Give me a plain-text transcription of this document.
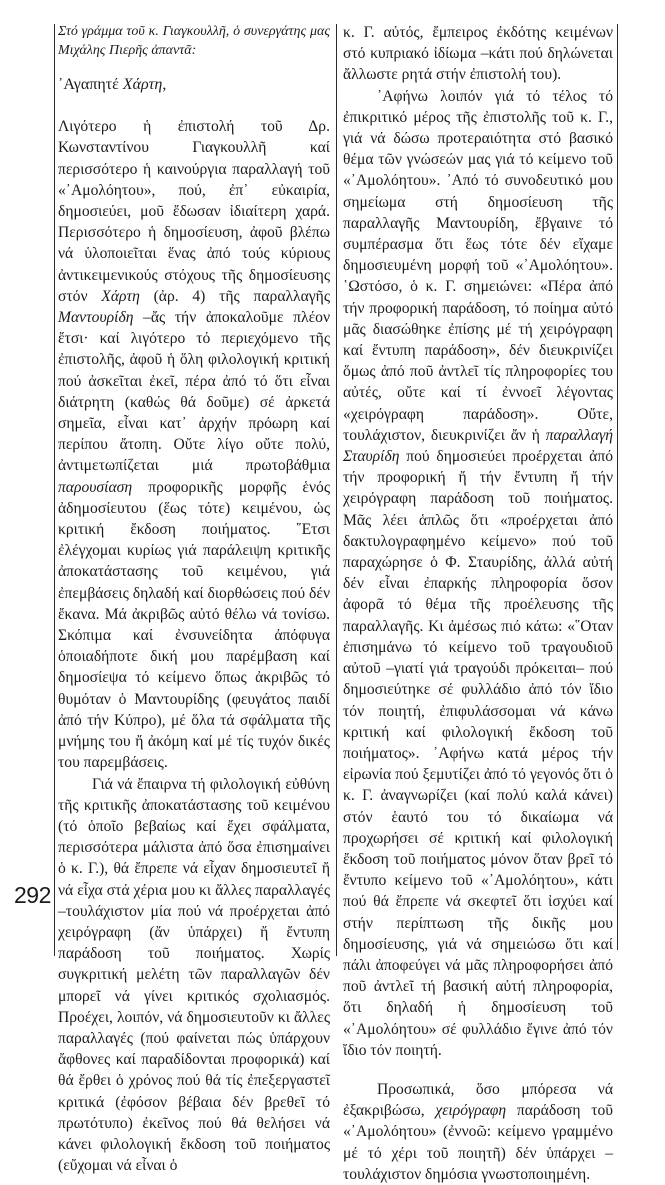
292

Στό γράμμα τοῦ κ. Γιαγκουλλῆ, ὁ συνεργάτης μας Μιχάλης Πιερῆς ἀπαντᾶ:

᾿Αγαπητέ Χάρτη,

Λιγότερο ἡ ἐπιστολή τοῦ Δρ. Κωνσταντίνου Γιαγκουλλῆ καί περισσότερο ἡ καινούργια παραλλαγή τοῦ «᾿Αμολόητου», πού, ἐπ᾿ εὐκαιρία, δημοσιεύει, μοῦ ἔδωσαν ἰδιαίτερη χαρά. Περισσότερο ἡ δημοσίευση, ἀφοῦ βλέπω νά ὑλοποιεῖται ἕνας ἀπό τούς κύριους ἀντικειμενικούς στόχους τῆς δημοσίευσης στόν Χάρτη (ἀρ. 4) τῆς παραλλαγῆς Μαντουρίδη –ἄς τήν ἀποκαλοῦμε πλέον ἔτσι· καί λιγότερο τό περιεχόμενο τῆς ἐπιστολῆς, ἀφοῦ ἡ ὅλη φιλολογική κριτική πού ἀσκεῖται ἐκεῖ, πέρα ἀπό τό ὅτι εἶναι διάτρητη (καθώς θά δοῦμε) σέ ἀρκετά σημεῖα, εἶναι κατ᾿ ἀρχήν πρόωρη καί περίπου ἄτοπη. Οὔτε λίγο οὔτε πολύ, ἀντιμετωπίζεται μιά πρωτοβάθμια παρουσίαση προφορικῆς μορφῆς ἑνός ἀδημοσίευτου (ἕως τότε) κειμένου, ὡς κριτική ἔκδοση ποιήματος. ῞Ετσι ἐλέγχομαι κυρίως γιά παράλειψη κριτικῆς ἀποκατάστασης τοῦ κειμένου, γιά ἐπεμβάσεις δηλαδή καί διορθώσεις πού δέν ἔκανα. Μά ἀκριβῶς αὐτό θέλω νά τονίσω. Σκόπιμα καί ἐνσυνείδητα ἀπόφυγα ὁποιαδήποτε δική μου παρέμβαση καί δημοσίεψα τό κείμενο ὅπως ἀκριβῶς τό θυμόταν ὁ Μαντουρίδης (φευγάτος παιδί ἀπό τήν Κύπρο), μέ ὅλα τά σφάλματα τῆς μνήμης του ἤ ἀκόμη καί μέ τίς τυχόν δικές του παρεμβάσεις.

Γιά νά ἔπαιρνα τή φιλολογική εὐθύνη τῆς κριτικῆς ἀποκατάστασης τοῦ κειμένου (τό ὁποῖο βεβαίως καί ἔχει σφάλματα, περισσότερα μάλιστα ἀπό ὅσα ἐπισημαίνει ὁ κ. Γ.), θά ἔπρεπε νά εἶχαν δημοσιευτεῖ ἤ νά εἶχα στά χέρια μου κι ἄλλες παραλλαγές –τουλάχιστον μία πού νά προέρχεται ἀπό χειρόγραφη (ἄν ὑπάρχει) ἤ ἔντυπη παράδοση τοῦ ποιήματος. Χωρίς συγκριτική μελέτη τῶν παραλλαγῶν δέν μπορεῖ νά γίνει κριτικός σχολιασμός. Προέχει, λοιπόν, νά δημοσιευτοῦν κι ἄλλες παραλλαγές (πού φαίνεται πώς ὑπάρχουν ἄφθονες καί παραδίδονται προφορικά) καί θά ἔρθει ὁ χρόνος πού θά τίς ἐπεξεργαστεῖ κριτικά (ἐφόσον βέβαια δέν βρεθεῖ τό πρωτότυπο) ἐκεῖνος πού θά θελήσει νά κάνει φιλολογική ἔκδοση τοῦ ποιήματος (εὔχομαι νά εἶναι ὁ

κ. Γ. αὐτός, ἔμπειρος ἐκδότης κειμένων στό κυπριακό ἰδίωμα –κάτι πού δηλώνεται ἄλλωστε ρητά στήν ἐπιστολή του).

᾿Αφήνω λοιπόν γιά τό τέλος τό ἐπικριτικό μέρος τῆς ἐπιστολῆς τοῦ κ. Γ., γιά νά δώσω προτεραιότητα στό βασικό θέμα τῶν γνώσεών μας γιά τό κείμενο τοῦ «᾿Αμολόητου». ᾿Από τό συνοδευτικό μου σημείωμα στή δημοσίευση τῆς παραλλαγῆς Μαντουρίδη, ἔβγαινε τό συμπέρασμα ὅτι ἕως τότε δέν εἴχαμε δημοσιευμένη μορφή τοῦ «᾿Αμολόητου». ῾Ωστόσο, ὁ κ. Γ. σημειώνει: «Πέρα ἀπό τήν προφορική παράδοση, τό ποίημα αὐτό μᾶς διασώθηκε ἐπίσης μέ τή χειρόγραφη καί ἔντυπη παράδοση», δέν διευκρινίζει ὅμως ἀπό ποῦ ἀντλεῖ τίς πληροφορίες του αὐτές, οὔτε καί τί ἐννοεῖ λέγοντας «χειρόγραφη παράδοση». Οὔτε, τουλάχιστον, διευκρινίζει ἄν ἡ παραλλαγή Σταυρίδη πού δημοσιεύει προέρχεται ἀπό τήν προφορική ἤ τήν ἔντυπη ἤ τήν χειρόγραφη παράδοση τοῦ ποιήματος. Μᾶς λέει ἁπλῶς ὅτι «προέρχεται ἀπό δακτυλογραφημένο κείμενο» πού τοῦ παραχώρησε ὁ Φ. Σταυρίδης, ἀλλά αὐτή δέν εἶναι ἐπαρκής πληροφορία ὅσον ἀφορᾶ τό θέμα τῆς προέλευσης τῆς παραλλαγῆς. Κι ἀμέσως πιό κάτω: «῞Οταν ἐπισημάνω τό κείμενο τοῦ τραγουδιοῦ αὐτοῦ –γιατί γιά τραγούδι πρόκειται– πού δημοσιεύτηκε σέ φυλλάδιο ἀπό τόν ἴδιο τόν ποιητή, ἐπιφυλάσσομαι νά κάνω κριτική καί φιλολογική ἔκδοση τοῦ ποιήματος». ᾿Αφήνω κατά μέρος τήν εἰρωνία πού ξεμυτίζει ἀπό τό γεγονός ὅτι ὁ κ. Γ. ἀναγνωρίζει (καί πολύ καλά κάνει) στόν ἑαυτό του τό δικαίωμα νά προχωρήσει σέ κριτική καί φιλολογική ἔκδοση τοῦ ποιήματος μόνον ὅταν βρεῖ τό ἔντυπο κείμενο τοῦ «᾿Αμολόητου», κάτι πού θά ἔπρεπε νά σκεφτεῖ ὅτι ἰσχύει καί στήν περίπτωση τῆς δικῆς μου δημοσίευσης, γιά νά σημειώσω ὅτι καί πάλι ἀποφεύγει νά μᾶς πληροφορήσει ἀπό ποῦ ἀντλεῖ τή βασική αὐτή πληροφορία, ὅτι δηλαδή ἡ δημοσίευση τοῦ «᾿Αμολόητου» σέ φυλλάδιο ἔγινε ἀπό τόν ἴδιο τόν ποιητή.

Προσωπικά, ὅσο μπόρεσα νά ἐξακριβώσω, χειρόγραφη παράδοση τοῦ «᾿Αμολόητου» (ἐννοῶ: κείμενο γραμμένο μέ τό χέρι τοῦ ποιητῆ) δέν ὑπάρχει –τουλάχιστον δημόσια γνωστοποιημένη.
